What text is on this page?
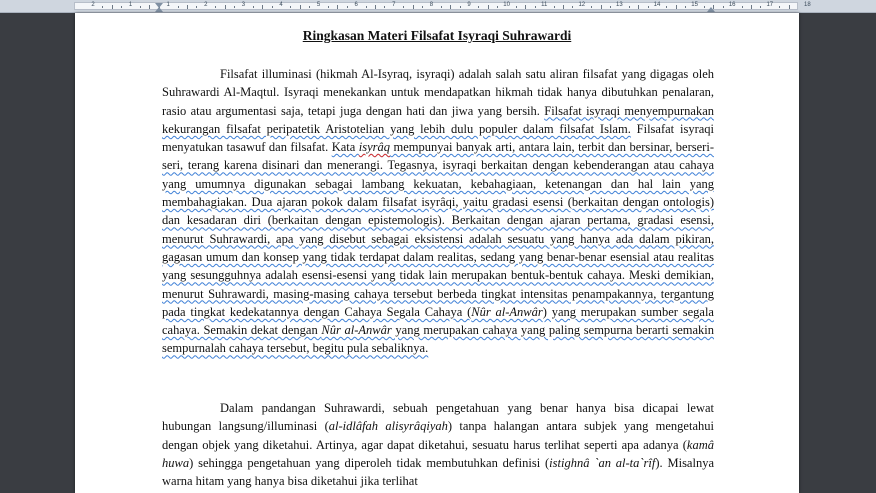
2	1	1	2	3	4	5	6	7	8	9	10	11	12	13	14	15	16	17	18
Ringkasan Materi Filsafat Isyraqi Suhrawardi

Filsafat illuminasi (hikmah Al-Isyraq, isyraqi) adalah salah satu aliran filsafat yang digagas oleh Suhrawardi Al-Maqtul. Isyraqi menekankan untuk mendapatkan hikmah tidak hanya dibutuhkan penalaran, rasio atau argumentasi saja, tetapi juga dengan hati dan jiwa yang bersih. Filsafat isyraqi menyempurnakan kekurangan filsafat peripatetik Aristotelian yang lebih dulu populer dalam filsafat Islam. Filsafat isyraqi menyatukan tasawuf dan filsafat. Kata isyrâq mempunyai banyak arti, antara lain, terbit dan bersinar, berseri-seri, terang karena disinari dan menerangi. Tegasnya, isyraqi berkaitan dengan kebenderangan atau cahaya yang umumnya digunakan sebagai lambang kekuatan, kebahagiaan, ketenangan dan hal lain yang membahagiakan. Dua ajaran pokok dalam filsafat isyrâqi, yaitu gradasi esensi (berkaitan dengan ontologis) dan kesadaran diri (berkaitan dengan epistemologis). Berkaitan dengan ajaran pertama, gradasi esensi, menurut Suhrawardi, apa yang disebut sebagai eksistensi adalah sesuatu yang hanya ada dalam pikiran, gagasan umum dan konsep yang tidak terdapat dalam realitas, sedang yang benar-benar esensial atau realitas yang sesungguhnya adalah esensi-esensi yang tidak lain merupakan bentuk-bentuk cahaya. Meski demikian, menurut Suhrawardi, masing-masing cahaya tersebut berbeda tingkat intensitas penampakannya, tergantung pada tingkat kedekatannya dengan Cahaya Segala Cahaya (Nûr al-Anwâr) yang merupakan sumber segala cahaya. Semakin dekat dengan Nûr al-Anwâr yang merupakan cahaya yang paling sempurna berarti semakin sempurnalah cahaya tersebut, begitu pula sebaliknya.

Dalam pandangan Suhrawardi, sebuah pengetahuan yang benar hanya bisa dicapai lewat hubungan langsung/illuminasi (al-idlâfah alisyrâqiyah) tanpa halangan antara subjek yang mengetahui dengan objek yang diketahui. Artinya, agar dapat diketahui, sesuatu harus terlihat seperti apa adanya (kamâ huwa) sehingga pengetahuan yang diperoleh tidak membutuhkan definisi (istighnâ `an al-ta`rîf). Misalnya warna hitam yang hanya bisa diketahui jika terlihat
